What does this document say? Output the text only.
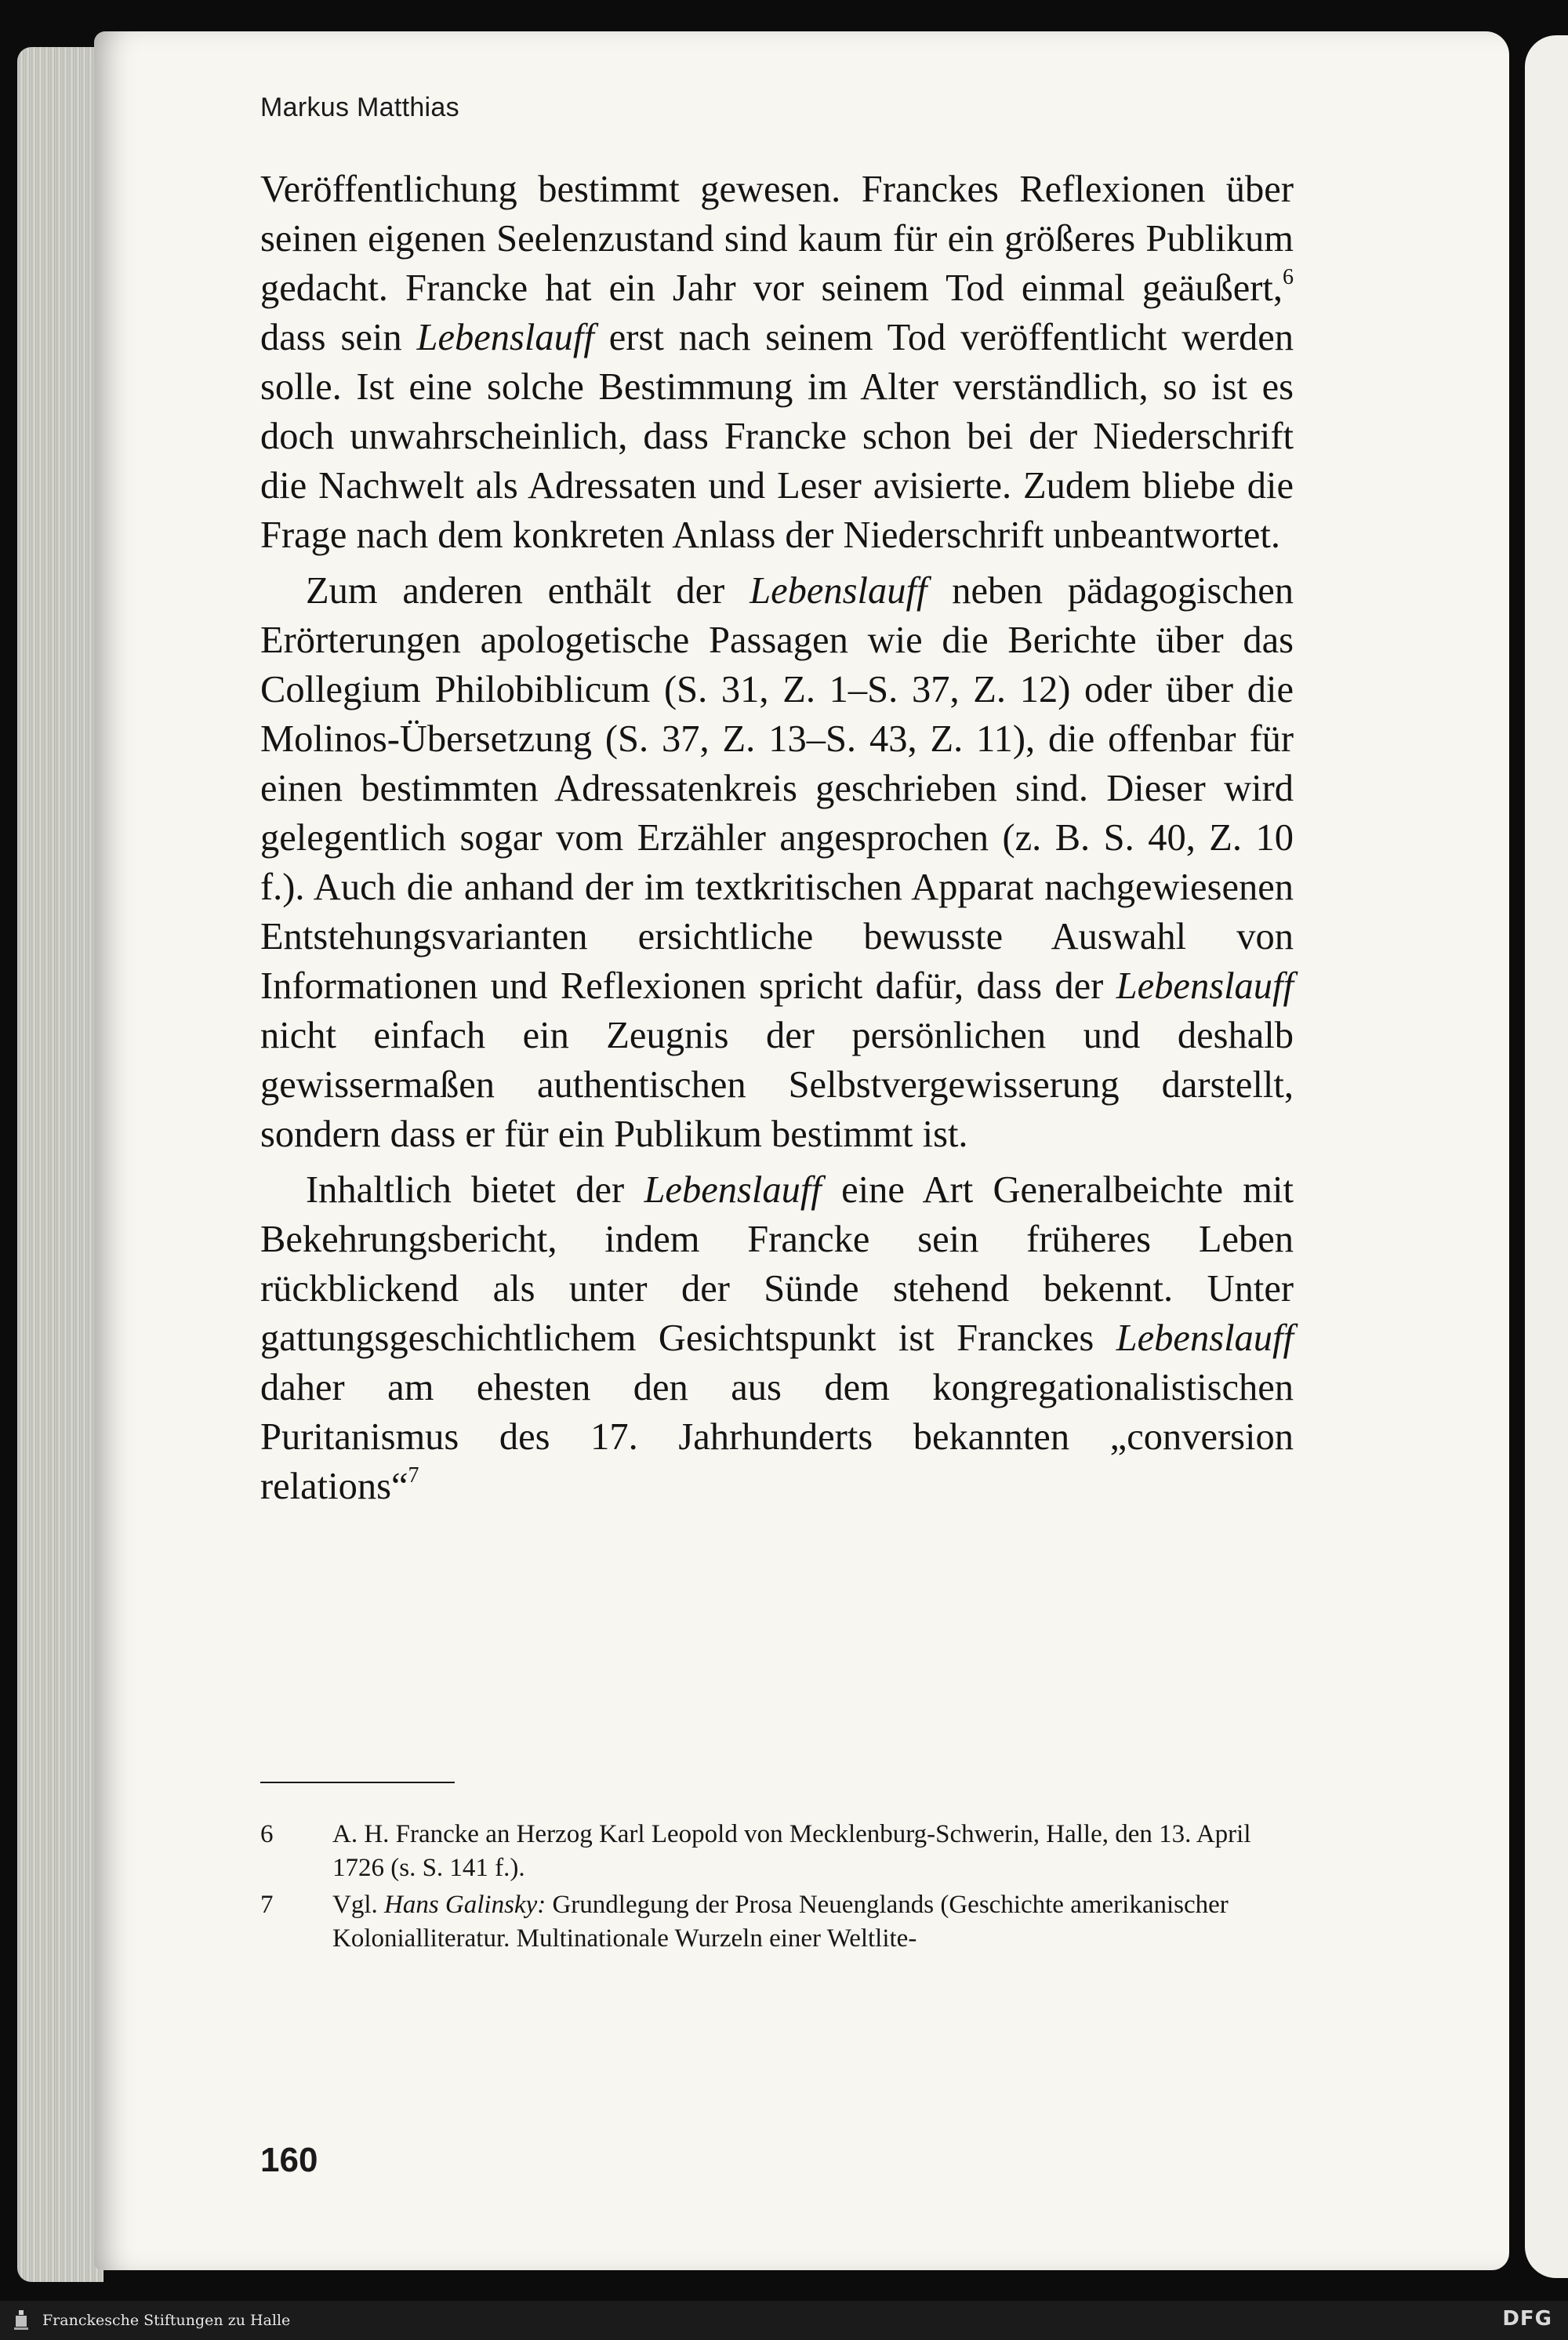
Markus Matthias

Veröffentlichung bestimmt gewesen. Franckes Reflexionen über seinen eigenen Seelenzustand sind kaum für ein größeres Publikum gedacht. Francke hat ein Jahr vor seinem Tod einmal geäußert,$^6$ dass sein Lebenslauff erst nach seinem Tod veröffentlicht werden solle. Ist eine solche Bestimmung im Alter verständlich, so ist es doch unwahrscheinlich, dass Francke schon bei der Niederschrift die Nachwelt als Adressaten und Leser avisierte. Zudem bliebe die Frage nach dem konkreten Anlass der Niederschrift unbeantwortet.

Zum anderen enthält der Lebenslauff neben pädagogischen Erörterungen apologetische Passagen wie die Berichte über das Collegium Philobiblicum (S. 31, Z. 1–S. 37, Z. 12) oder über die Molinos-Übersetzung (S. 37, Z. 13–S. 43, Z. 11), die offenbar für einen bestimmten Adressatenkreis geschrieben sind. Dieser wird gelegentlich sogar vom Erzähler angesprochen (z. B. S. 40, Z. 10 f.). Auch die anhand der im textkritischen Apparat nachgewiesenen Entstehungsvarianten ersichtliche bewusste Auswahl von Informationen und Reflexionen spricht dafür, dass der Lebenslauff nicht einfach ein Zeugnis der persönlichen und deshalb gewissermaßen authentischen Selbstvergewisserung darstellt, sondern dass er für ein Publikum bestimmt ist.

Inhaltlich bietet der Lebenslauff eine Art Generalbeichte mit Bekehrungsbericht, indem Francke sein früheres Leben rückblickend als unter der Sünde stehend bekennt. Unter gattungsgeschichtlichem Gesichtspunkt ist Franckes Lebenslauff daher am ehesten den aus dem kongregationalistischen Puritanismus des 17. Jahrhunderts bekannten „conversion relations“$^7$

6	A. H. Francke an Herzog Karl Leopold von Mecklenburg-Schwerin, Halle, den 13. April 1726 (s. S. 141 f.).
7	Vgl. Hans Galinsky: Grundlegung der Prosa Neuenglands (Geschichte amerikanischer Kolonialliteratur. Multinationale Wurzeln einer Weltlite-

160

Franckesche Stiftungen zu Halle	DFG
